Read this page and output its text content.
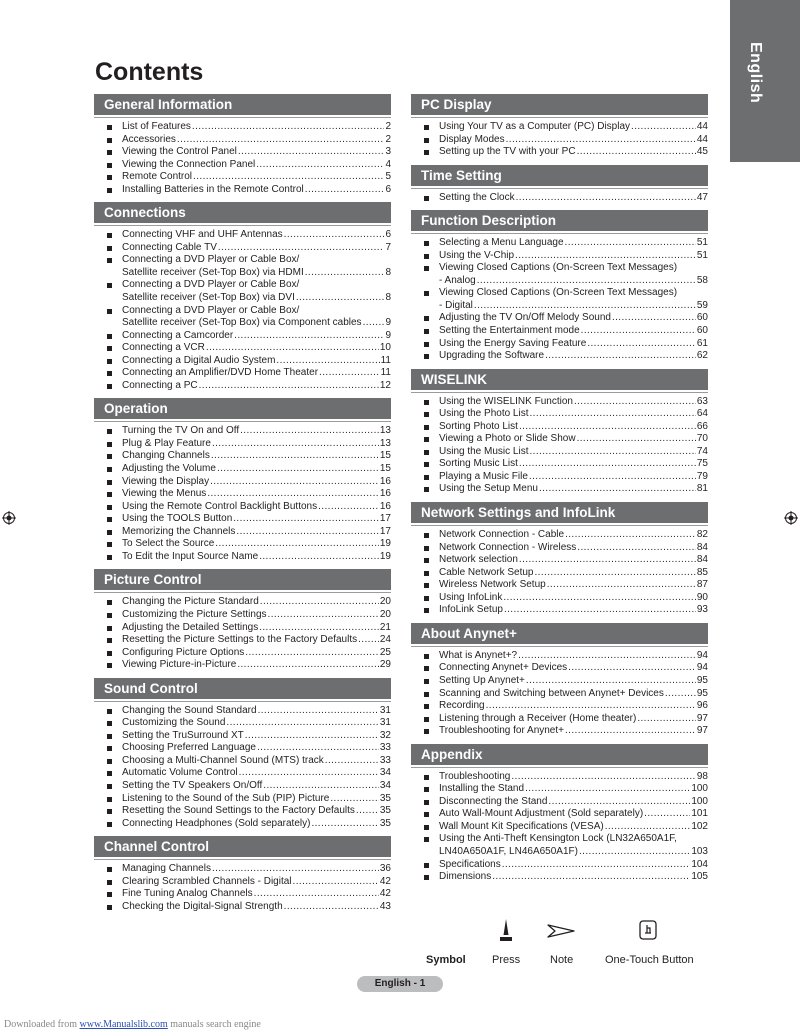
English
Contents
General Information
List of Features .....	2
Accessories .....	2
Viewing the Control Panel .....	3
Viewing the Connection Panel .....	4
Remote Control .....	5
Installing Batteries in the Remote Control .....	6
Connections
Connecting VHF and UHF Antennas .....	6
Connecting Cable TV .....	7
Connecting a DVD Player or Cable Box/
Satellite receiver (Set-Top Box) via HDMI .....	8
Connecting a DVD Player or Cable Box/
Satellite receiver (Set-Top Box) via DVI .....	8
Connecting a DVD Player or Cable Box/
Satellite receiver (Set-Top Box) via Component cables ..... 9
Connecting a Camcorder .....	9
Connecting a VCR .....	10
Connecting a Digital Audio System .....	11
Connecting an Amplifier/DVD Home Theater .....	11
Connecting a PC .....	12
Operation
Turning the TV On and Off .....	13
Plug & Play Feature .....	13
Changing Channels .....	15
Adjusting the Volume .....	15
Viewing the Display .....	16
Viewing the Menus .....	16
Using the Remote Control Backlight Buttons .....	16
Using the TOOLS Button .....	17
Memorizing the Channels .....	17
To Select the Source .....	19
To Edit the Input Source Name .....	19
Picture Control
Changing the Picture Standard .....	20
Customizing the Picture Settings .....	20
Adjusting the Detailed Settings .....	21
Resetting the Picture Settings to the Factory Defaults ..... 24
Configuring Picture Options .....	25
Viewing Picture-in-Picture .....	29
Sound Control
Changing the Sound Standard .....	31
Customizing the Sound .....	31
Setting the TruSurround XT .....	32
Choosing Preferred Language .....	33
Choosing a Multi-Channel Sound (MTS) track .....	33
Automatic Volume Control .....	34
Setting the TV Speakers On/Off .....	34
Listening to the Sound of the Sub (PIP) Picture .....	35
Resetting the Sound Settings to the Factory Defaults ..... 35
Connecting Headphones (Sold separately) .....	35
Channel Control
Managing Channels .....	36
Clearing Scrambled Channels - Digital .....	42
Fine Tuning Analog Channels .....	42
Checking the Digital-Signal Strength .....	43
PC Display
Using Your TV as a Computer (PC) Display .....	44
Display Modes .....	44
Setting up the TV with your PC .....	45
Time Setting
Setting the Clock .....	47
Function Description
Selecting a Menu Language .....	51
Using the V-Chip .....	51
Viewing Closed Captions (On-Screen Text Messages)
- Analog .....	58
Viewing Closed Captions (On-Screen Text Messages)
- Digital .....	59
Adjusting the TV On/Off Melody Sound .....	60
Setting the Entertainment mode .....	60
Using the Energy Saving Feature .....	61
Upgrading the Software .....	62
WISELINK
Using the WISELINK Function .....	63
Using the Photo List .....	64
Sorting Photo List .....	66
Viewing a Photo or Slide Show .....	70
Using the Music List .....	74
Sorting Music List .....	75
Playing a Music File .....	79
Using the Setup Menu .....	81
Network Settings and InfoLink
Network Connection - Cable .....	82
Network Connection - Wireless .....	84
Network selection .....	84
Cable Network Setup .....	85
Wireless Network Setup .....	87
Using InfoLink .....	90
InfoLink Setup .....	93
About Anynet+
What is Anynet+? .....	94
Connecting Anynet+ Devices .....	94
Setting Up Anynet+ .....	95
Scanning and Switching between Anynet+ Devices .....	95
Recording .....	96
Listening through a Receiver (Home theater) .....	97
Troubleshooting for Anynet+ .....	97
Appendix
Troubleshooting .....	98
Installing the Stand .....	100
Disconnecting the Stand .....	100
Auto Wall-Mount Adjustment (Sold separately) .....	101
Wall Mount Kit Specifications (VESA) .....	102
Using the Anti-Theft Kensington Lock (LN32A650A1F,
LN40A650A1F, LN46A650A1F) .....	103
Specifications .....	104
Dimensions .....	105
Symbol Press	Note	One-Touch Button
English - 1
Downloaded from www.Manualslib.com manuals search engine
